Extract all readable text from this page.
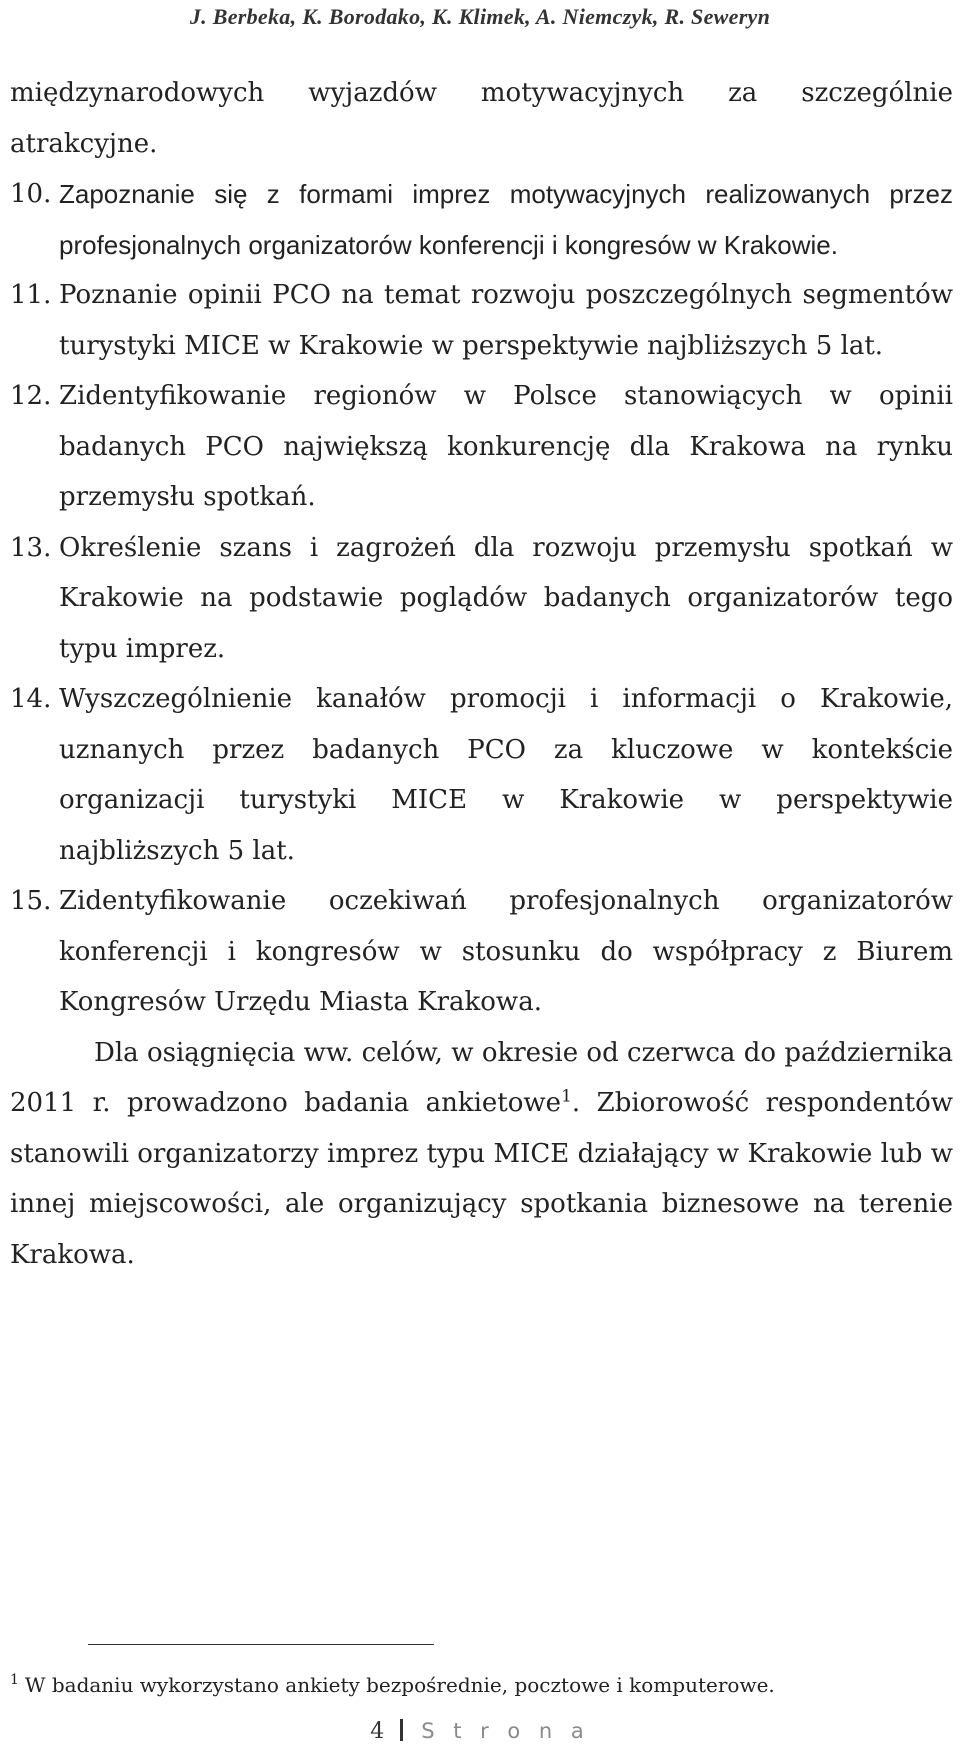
J. Berbeka, K. Borodako, K. Klimek, A. Niemczyk, R. Seweryn

międzynarodowych wyjazdów motywacyjnych za szczególnie atrakcyjne.

10. Zapoznanie się z formami imprez motywacyjnych realizowanych przez profesjonalnych organizatorów konferencji i kongresów w Krakowie.
11. Poznanie opinii PCO na temat rozwoju poszczególnych segmentów turystyki MICE w Krakowie w perspektywie najbliższych 5 lat.
12. Zidentyfikowanie regionów w Polsce stanowiących w opinii badanych PCO największą konkurencję dla Krakowa na rynku przemysłu spotkań.
13. Określenie szans i zagrożeń dla rozwoju przemysłu spotkań w Krakowie na podstawie poglądów badanych organizatorów tego typu imprez.
14. Wyszczególnienie kanałów promocji i informacji o Krakowie, uznanych przez badanych PCO za kluczowe w kontekście organizacji turystyki MICE w Krakowie w perspektywie najbliższych 5 lat.
15. Zidentyfikowanie oczekiwań profesjonalnych organizatorów konferencji i kongresów w stosunku do współpracy z Biurem Kongresów Urzędu Miasta Krakowa.

Dla osiągnięcia ww. celów, w okresie od czerwca do października 2011 r. prowadzono badania ankietowe$^1$. Zbiorowość respondentów stanowili organizatorzy imprez typu MICE działający w Krakowie lub w innej miejscowości, ale organizujący spotkania biznesowe na terenie Krakowa.

$^1$ W badaniu wykorzystano ankiety bezpośrednie, pocztowe i komputerowe.
4 S t r o n a
